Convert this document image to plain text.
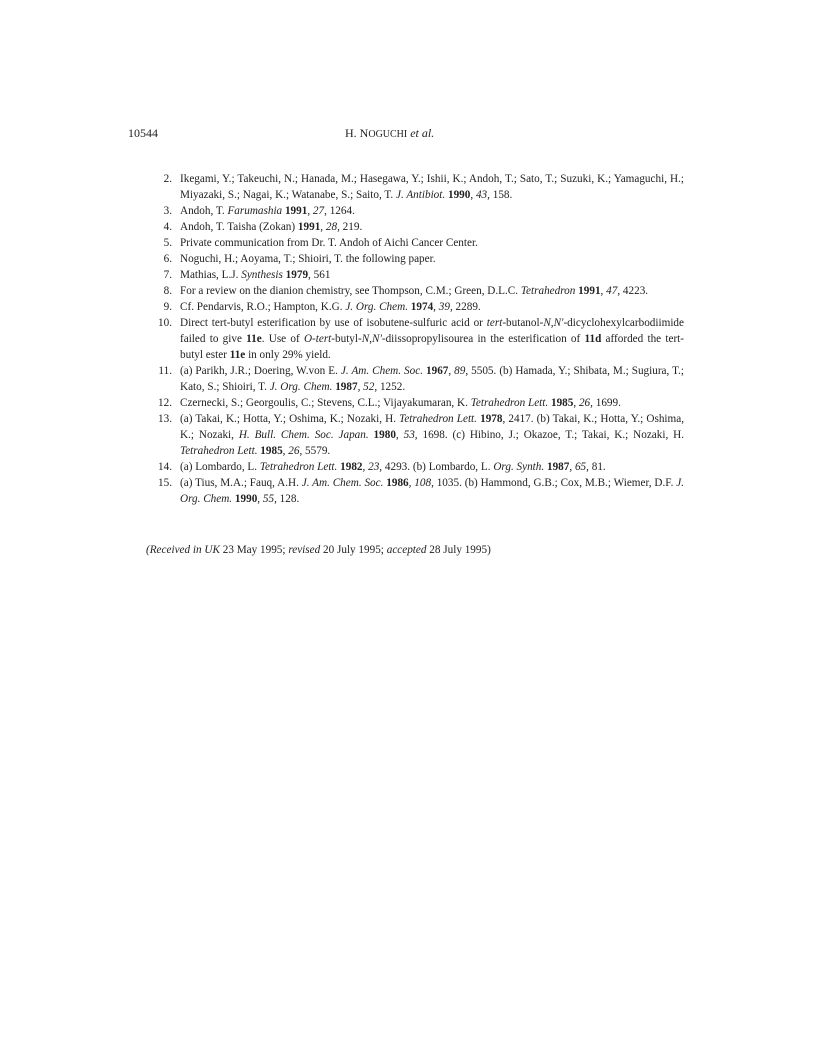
10544	H. NOGUCHI et al.
2. Ikegami, Y.; Takeuchi, N.; Hanada, M.; Hasegawa, Y.; Ishii, K.; Andoh, T.; Sato, T.; Suzuki, K.; Yamaguchi, H.; Miyazaki, S.; Nagai, K.; Watanabe, S.; Saito, T. J. Antibiot. 1990, 43, 158.
3. Andoh, T. Farumashia 1991, 27, 1264.
4. Andoh, T. Taisha (Zokan) 1991, 28, 219.
5. Private communication from Dr. T. Andoh of Aichi Cancer Center.
6. Noguchi, H.; Aoyama, T.; Shioiri, T. the following paper.
7. Mathias, L.J. Synthesis 1979, 561
8. For a review on the dianion chemistry, see Thompson, C.M.; Green, D.L.C. Tetrahedron 1991, 47, 4223.
9. Cf. Pendarvis, R.O.; Hampton, K.G. J. Org. Chem. 1974, 39, 2289.
10. Direct tert-butyl esterification by use of isobutene-sulfuric acid or tert-butanol-N,N'-dicyclohexylcarbodiimide failed to give 11e. Use of O-tert-butyl-N,N'-diissopropylisourea in the esterification of 11d afforded the tert-butyl ester 11e in only 29% yield.
11. (a) Parikh, J.R.; Doering, W.von E. J. Am. Chem. Soc. 1967, 89, 5505. (b) Hamada, Y.; Shibata, M.; Sugiura, T.; Kato, S.; Shioiri, T. J. Org. Chem. 1987, 52, 1252.
12. Czernecki, S.; Georgoulis, C.; Stevens, C.L.; Vijayakumaran, K. Tetrahedron Lett. 1985, 26, 1699.
13. (a) Takai, K.; Hotta, Y.; Oshima, K.; Nozaki, H. Tetrahedron Lett. 1978, 2417. (b) Takai, K.; Hotta, Y.; Oshima, K.; Nozaki, H. Bull. Chem. Soc. Japan. 1980, 53, 1698. (c) Hibino, J.; Okazoe, T.; Takai, K.; Nozaki, H. Tetrahedron Lett. 1985, 26, 5579.
14. (a) Lombardo, L. Tetrahedron Lett. 1982, 23, 4293. (b) Lombardo, L. Org. Synth. 1987, 65, 81.
15. (a) Tius, M.A.; Fauq, A.H. J. Am. Chem. Soc. 1986, 108, 1035. (b) Hammond, G.B.; Cox, M.B.; Wiemer, D.F. J. Org. Chem. 1990, 55, 128.
(Received in UK 23 May 1995; revised 20 July 1995; accepted 28 July 1995)
